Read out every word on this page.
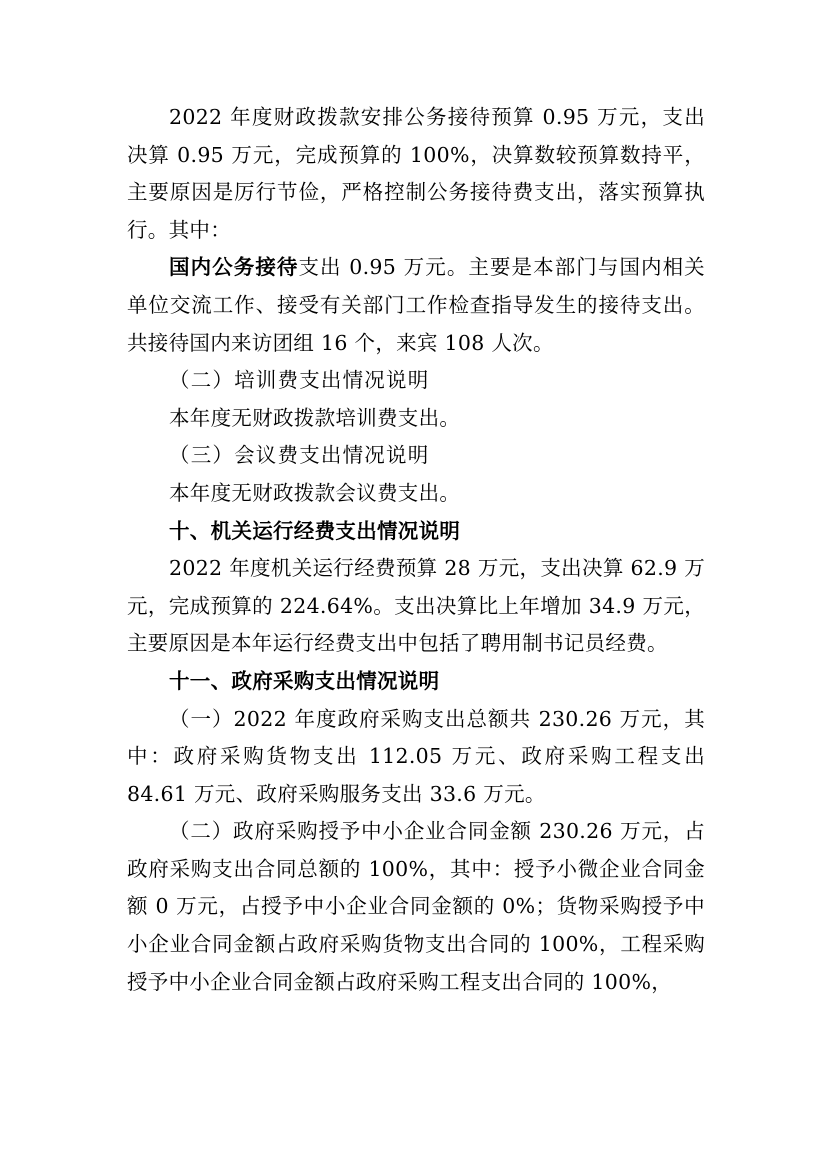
2022 年度财政拨款安排公务接待预算 0.95 万元，支出决算 0.95 万元，完成预算的 100%，决算数较预算数持平，主要原因是厉行节俭，严格控制公务接待费支出，落实预算执行。其中：

国内公务接待支出 0.95 万元。主要是本部门与国内相关单位交流工作、接受有关部门工作检查指导发生的接待支出。共接待国内来访团组 16 个，来宾 108 人次。

（二）培训费支出情况说明

本年度无财政拨款培训费支出。

（三）会议费支出情况说明

本年度无财政拨款会议费支出。

十、机关运行经费支出情况说明

2022 年度机关运行经费预算 28 万元，支出决算 62.9 万元，完成预算的 224.64%。支出决算比上年增加 34.9 万元，主要原因是本年运行经费支出中包括了聘用制书记员经费。

十一、政府采购支出情况说明

（一）2022 年度政府采购支出总额共 230.26 万元，其中：政府采购货物支出 112.05 万元、政府采购工程支出 84.61 万元、政府采购服务支出 33.6 万元。

（二）政府采购授予中小企业合同金额 230.26 万元，占政府采购支出合同总额的 100%，其中：授予小微企业合同金额 0 万元，占授予中小企业合同金额的 0%；货物采购授予中小企业合同金额占政府采购货物支出合同的 100%，工程采购授予中小企业合同金额占政府采购工程支出合同的 100%，
